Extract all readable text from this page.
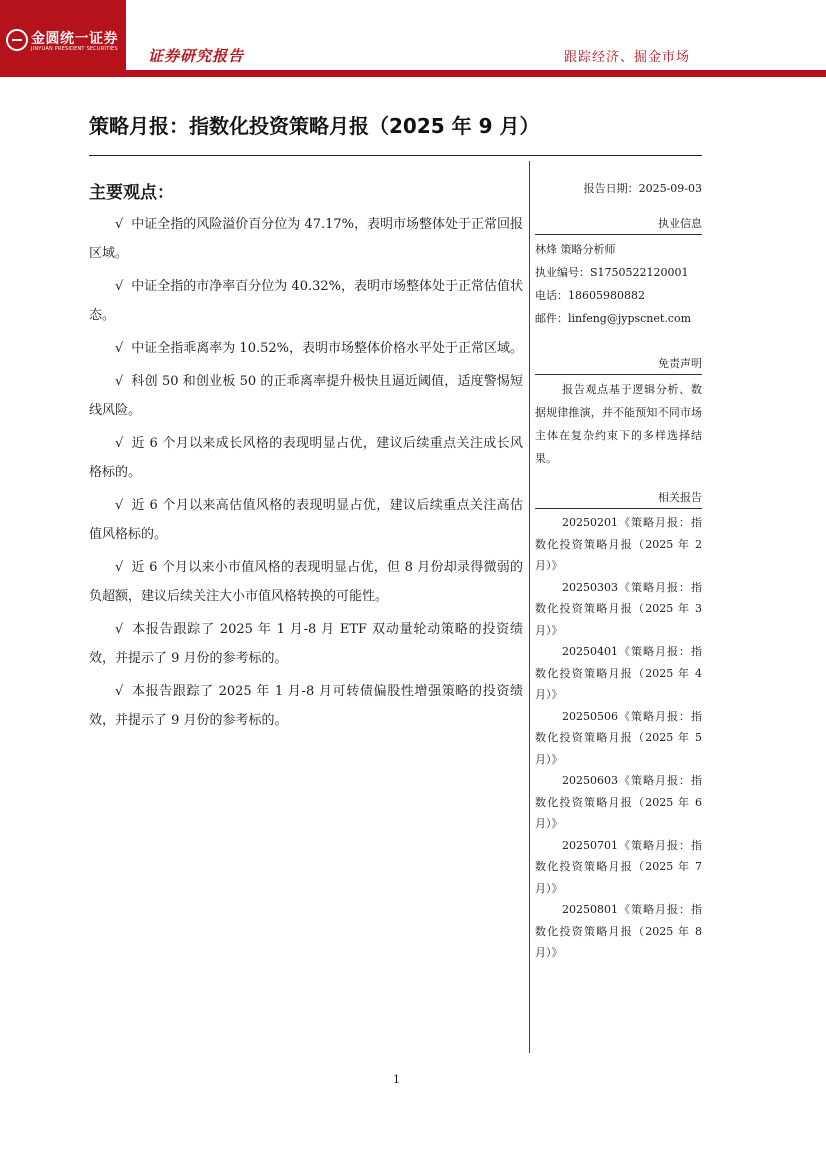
金圆统一证券
JINYUAN PRESIDENT SECURITIES 证券研究报告	跟踪经济、掘金市场
策略月报：指数化投资策略月报（2025 年 9 月）
主要观点：
√ 中证全指的风险溢价百分位为 47.17%，表明市场整体处于正常回报区域。
√ 中证全指的市净率百分位为 40.32%，表明市场整体处于正常估值状态。
√ 中证全指乖离率为 10.52%，表明市场整体价格水平处于正常区域。
√ 科创 50 和创业板 50 的正乖离率提升极快且逼近阈值，适度警惕短线风险。
√ 近 6 个月以来成长风格的表现明显占优，建议后续重点关注成长风格标的。
√ 近 6 个月以来高估值风格的表现明显占优，建议后续重点关注高估值风格标的。
√ 近 6 个月以来小市值风格的表现明显占优，但 8 月份却录得微弱的负超额，建议后续关注大小市值风格转换的可能性。
√ 本报告跟踪了 2025 年 1 月-8 月 ETF 双动量轮动策略的投资绩效，并提示了 9 月份的参考标的。
√ 本报告跟踪了 2025 年 1 月-8 月可转债偏股性增强策略的投资绩效，并提示了 9 月份的参考标的。
报告日期：2025-09-03
执业信息
林烽 策略分析师
执业编号：S1750522120001
电话：18605980882
邮件：linfeng@jypscnet.com
免责声明
报告观点基于逻辑分析、数据规律推演，并不能预知不同市场主体在复杂约束下的多样选择结果。
相关报告
20250201《策略月报：指数化投资策略月报（2025 年 2 月）》
20250303《策略月报：指数化投资策略月报（2025 年 3 月）》
20250401《策略月报：指数化投资策略月报（2025 年 4 月）》
20250506《策略月报：指数化投资策略月报（2025 年 5 月）》
20250603《策略月报：指数化投资策略月报（2025 年 6 月）》
20250701《策略月报：指数化投资策略月报（2025 年 7 月）》
20250801《策略月报：指数化投资策略月报（2025 年 8 月）》
1
